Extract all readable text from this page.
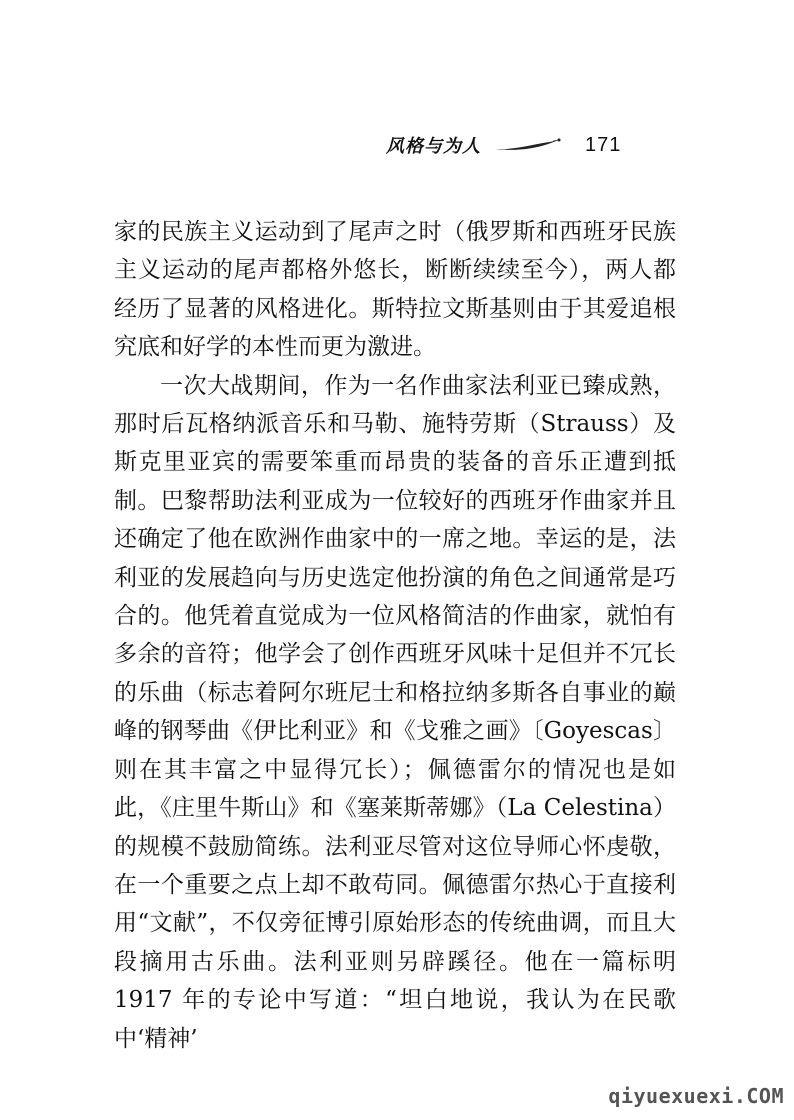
风格与为人	171

家的民族主义运动到了尾声之时（俄罗斯和西班牙民族主义运动的尾声都格外悠长，断断续续至今），两人都经历了显著的风格进化。斯特拉文斯基则由于其爱追根究底和好学的本性而更为激进。

一次大战期间，作为一名作曲家法利亚已臻成熟，那时后瓦格纳派音乐和马勒、施特劳斯（Strauss）及斯克里亚宾的需要笨重而昂贵的装备的音乐正遭到抵制。巴黎帮助法利亚成为一位较好的西班牙作曲家并且还确定了他在欧洲作曲家中的一席之地。幸运的是，法利亚的发展趋向与历史选定他扮演的角色之间通常是巧合的。他凭着直觉成为一位风格简洁的作曲家，就怕有多余的音符；他学会了创作西班牙风味十足但并不冗长的乐曲（标志着阿尔班尼士和格拉纳多斯各自事业的巅峰的钢琴曲《伊比利亚》和《戈雅之画》〔Goyescas〕则在其丰富之中显得冗长）；佩德雷尔的情况也是如此，《庄里牛斯山》和《塞莱斯蒂娜》（La Celestina）的规模不鼓励简练。法利亚尽管对这位导师心怀虔敬，在一个重要之点上却不敢苟同。佩德雷尔热心于直接利用“文献”，不仅旁征博引原始形态的传统曲调，而且大段摘用古乐曲。法利亚则另辟蹊径。他在一篇标明 1917 年的专论中写道：“坦白地说，我认为在民歌中‘精神’

qiyuexuexi.COM
